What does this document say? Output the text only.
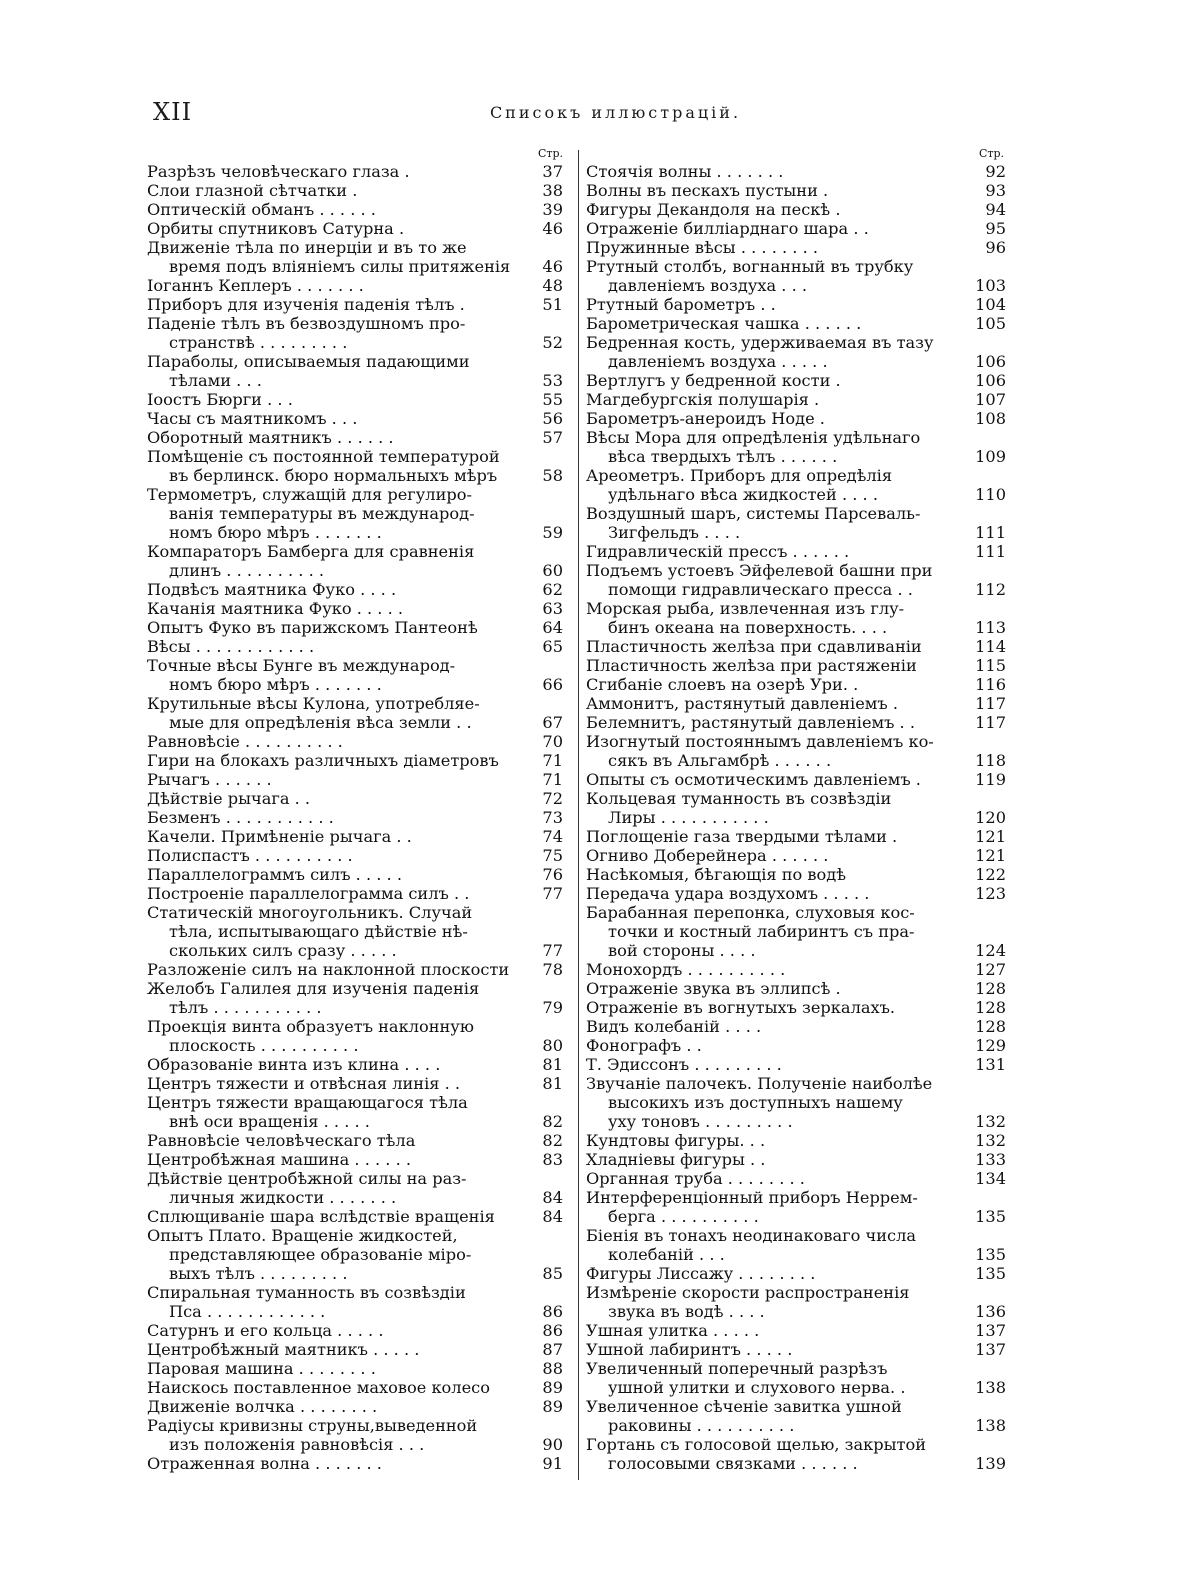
XII	Списокъ иллюстрацій.
Стр.
Разрѣзъ человѣческаго глаза .	37
Слои глазной сѣтчатки .	38
Оптическій обманъ . . . . . .	39
Орбиты спутниковъ Сатурна .	46
Движеніе тѣла по инерціи и въ то же
время подъ вліяніемъ силы притяженія	46
Іоганнъ Кеплеръ . . . . . . .	48
Приборъ для изученія паденія тѣлъ .	51
Паденіе тѣлъ въ безвоздушномъ про-
странствѣ . . . . . . . . .	52
Параболы, описываемыя падающими
тѣлами . . .	53
Іоостъ Бюрги . . .	55
Часы съ маятникомъ . . .	56
Оборотный маятникъ . . . . . .	57
Помѣщеніе съ постоянной температурой
въ берлинск. бюро нормальныхъ мѣръ	58
Термометръ, служащій для регулиро-
ванія температуры въ международ-
номъ бюро мѣръ . . . . . . .	59
Компараторъ Бамберга для сравненія
длинъ . . . . . . . . . .	60
Подвѣсъ маятника Фуко . . . .	62
Качанія маятника Фуко . . . . .	63
Опытъ Фуко въ парижскомъ Пантеонѣ	64
Вѣсы . . . . . . . . . . . .	65
Точные вѣсы Бунге въ международ-
номъ бюро мѣръ . . . . . . .	66
Крутильные вѣсы Кулона, употребляе-
мые для опредѣленія вѣса земли . .	67
Равновѣсіе . . . . . . . . . .	70
Гири на блокахъ различныхъ діаметровъ	71
Рычагъ . . . . . .	71
Дѣйствіе рычага . .	72
Безменъ . . . . . . . . . . .	73
Качели. Примѣненіе рычага . .	74
Полиспастъ . . . . . . . . . .	75
Параллелограммъ силъ . . . . .	76
Построеніе параллелограмма силъ . .	77
Статическій многоугольникъ. Случай
тѣла, испытывающаго дѣйствіе нѣ-
скольких силъ сразу . . . . .	77
Разложеніе силъ на наклонной плоскости	78
Желобъ Галилея для изученія паденія
тѣлъ . . . . . . . . . . .	79
Проекція винта образуетъ наклонную
плоскость . . . . . . . . . .	80
Образованіе винта изъ клина . . . .	81
Центръ тяжести и отвѣсная линія . .	81
Центръ тяжести вращающагося тѣла
внѣ оси вращенія . . . . .	82
Равновѣсіе человѣческаго тѣла	82
Центробѣжная машина . . . . . .	83
Дѣйствіе центробѣжной силы на раз-
личныя жидкости . . . . . . .	84
Сплющиваніе шара вслѣдствіе вращенія	84
Опытъ Плато. Вращеніе жидкостей,
представляющее образованіе міро-
выхъ тѣлъ . . . . . . . . .	85
Спиральная туманность въ созвѣздіи
Пса . . . . . . . . . . . .	86
Сатурнъ и его кольца . . . . .	86
Центробѣжный маятникъ . . . . .	87
Паровая машина . . . . . . . .	88
Наискось поставленное маховое колесо	89
Движеніе волчка . . . . . . . .	89
Радіусы кривизны струны,выведенной
изъ положенія равновѣсія . . .	90
Отраженная волна . . . . . . .	91
Стр.
Стоячія волны . . . . . . .	92
Волны въ пескахъ пустыни .	93
Фигуры Декандоля на пескѣ .	94
Отраженіе билліарднаго шара . .	95
Пружинные вѣсы . . . . . . . .	96
Ртутный столбъ, вогнанный въ трубку
давленіемъ воздуха . . .	103
Ртутный барометръ . .	104
Барометрическая чашка . . . . . .	105
Бедренная кость, удерживаемая въ тазу
давленіемъ воздуха . . . . .	106
Вертлугъ у бедренной кости .	106
Магдебургскія полушарія .	107
Барометръ-анероидъ Ноде .	108
Вѣсы Мора для опредѣленія удѣльнаго
вѣса твердыхъ тѣлъ . . . . . .	109
Ареометръ. Приборъ для опредѣлія
удѣльнаго вѣса жидкостей . . . .	110
Воздушный шаръ, системы Парсеваль-
Зигфельдъ . . . .	111
Гидравлическій прессъ . . . . . .	111
Подъемъ устоевъ Эйфелевой башни при
помощи гидравлическаго пресса . .	112
Морская рыба, извлеченная изъ глу-
бинъ океана на поверхность. . . .	113
Пластичность желѣза при сдавливаніи	114
Пластичность желѣза при растяженіи	115
Сгибаніе слоевъ на озерѣ Ури. .	116
Аммонитъ, растянутый давленіемъ .	117
Белемнитъ, растянутый давленіемъ . .	117
Изогнутый постояннымъ давленіемъ ко-
сякъ въ Альгамбрѣ . . . . . .	118
Опыты съ осмотическимъ давленіемъ .	119
Кольцевая туманность въ созвѣздіи
Лиры . . . . . . . . . . .	120
Поглощеніе газа твердыми тѣлами .	121
Огниво Доберейнера . . . . . .	121
Насѣкомыя, бѣгающія по водѣ	122
Передача удара воздухомъ . . . . .	123
Барабанная перепонка, слуховыя кос-
точки и костный лабиринтъ съ пра-
вой стороны . . . .	124
Монохордъ . . . . . . . . . .	127
Отраженіе звука въ эллипсѣ .	128
Отраженіе въ вогнутыхъ зеркалахъ.	128
Видъ колебаній . . . .	128
Фонографъ . .	129
Т. Эдиссонъ . . . . . . . . .	131
Звучаніе палочекъ. Полученіе наиболѣе
высокихъ изъ доступныхъ нашему
уху тоновъ . . . . . . . . .	132
Кундтовы фигуры. . .	132
Хладніевы фигуры . .	133
Органная труба . . . . . . . .	134
Интерференціонный приборъ Неррем-
берга . . . . . . . . . .	135
Біенія въ тонахъ неодинаковаго числа
колебаній . . .	135
Фигуры Лиссажу . . . . . . . .	135
Измѣреніе скорости распространенія
звука въ водѣ . . . .	136
Ушная улитка . . . . .	137
Ушной лабиринтъ . . . . .	137
Увеличенный поперечный разрѣзъ
ушной улитки и слухового нерва. .	138
Увеличенное сѣченіе завитка ушной
раковины . . . . . . . . . .	138
Гортань съ голосовой щелью, закрытой
голосовыми связками . . . . . .	139
